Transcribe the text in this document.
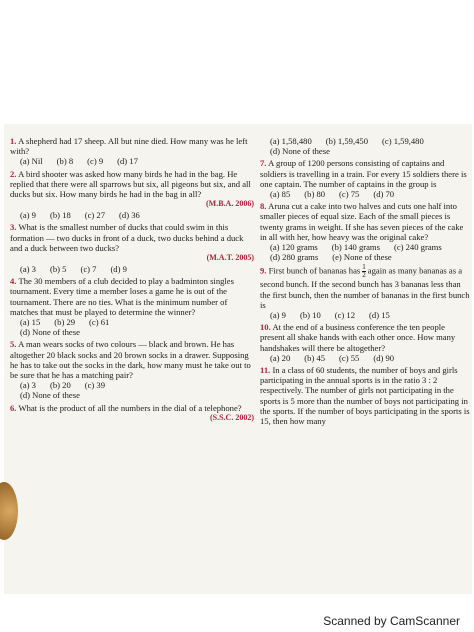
1. A shepherd had 17 sheep. All but nine died. How many was he left with?
(a) Nil (b) 8 (c) 9 (d) 17
2. A bird shooter was asked how many birds he had in the bag. He replied that there were all sparrows but six, all pigeons but six, and all ducks but six. How many birds he had in the bag in all?
(M.B.A. 2006)
(a) 9 (b) 18 (c) 27 (d) 36
3. What is the smallest number of ducks that could swim in this formation — two ducks in front of a duck, two ducks behind a duck and a duck between two ducks?
(M.A.T. 2005)
(a) 3 (b) 5 (c) 7 (d) 9
4. The 30 members of a club decided to play a badminton singles tournament. Every time a member loses a game he is out of the tournament. There are no ties. What is the minimum number of matches that must be played to determine the winner?
(a) 15 (b) 29 (c) 61
(d) None of these
5. A man wears socks of two colours — black and brown. He has altogether 20 black socks and 20 brown socks in a drawer. Supposing he has to take out the socks in the dark, how many must he take out to be sure that he has a matching pair?
(a) 3 (b) 20 (c) 39
(d) None of these
6. What is the product of all the numbers in the dial of a telephone?
(S.S.C. 2002)
(a) 1,58,480 (b) 1,59,450 (c) 1,59,480
(d) None of these
7. A group of 1200 persons consisting of captains and soldiers is travelling in a train. For every 15 soldiers there is one captain. The number of captains in the group is
(a) 85 (b) 80 (c) 75 (d) 70
8. Aruna cut a cake into two halves and cuts one half into smaller pieces of equal size. Each of the small pieces is twenty grams in weight. If she has seven pieces of the cake in all with her, how heavy was the original cake?
(a) 120 grams (b) 140 grams (c) 240 grams
(d) 280 grams (e) None of these
9. First bunch of bananas has $\frac{1}{2}$ again as many bananas as a second bunch. If the second bunch has 3 bananas less than the first bunch, then the number of bananas in the first bunch is
(a) 9 (b) 10 (c) 12 (d) 15
10. At the end of a business conference the ten people present all shake hands with each other once. How many handshakes will there be altogether?
(a) 20 (b) 45 (c) 55 (d) 90
11. In a class of 60 students, the number of boys and girls participating in the annual sports is in the ratio 3 : 2 respectively. The number of girls not participating in the sports is 5 more than the number of boys not participating in the sports. If the number of boys participating in the sports is 15, then how many
Scanned by CamScanner
